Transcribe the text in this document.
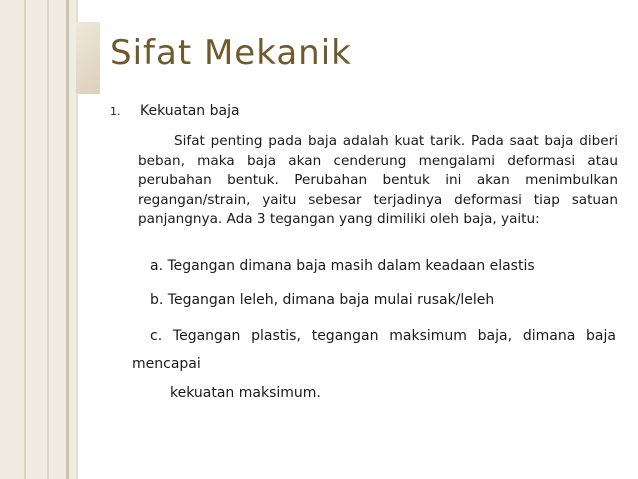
Sifat Mekanik
1. Kekuatan baja
Sifat penting pada baja adalah kuat tarik. Pada saat baja diberi beban, maka baja akan cenderung mengalami deformasi atau perubahan bentuk. Perubahan bentuk ini akan menimbulkan regangan/strain, yaitu sebesar terjadinya deformasi tiap satuan panjangnya. Ada 3 tegangan yang dimiliki oleh baja, yaitu:
a. Tegangan dimana baja masih dalam keadaan elastis
b. Tegangan leleh, dimana baja mulai rusak/leleh
c. Tegangan plastis, tegangan maksimum baja, dimana baja
mencapai
kekuatan maksimum.
